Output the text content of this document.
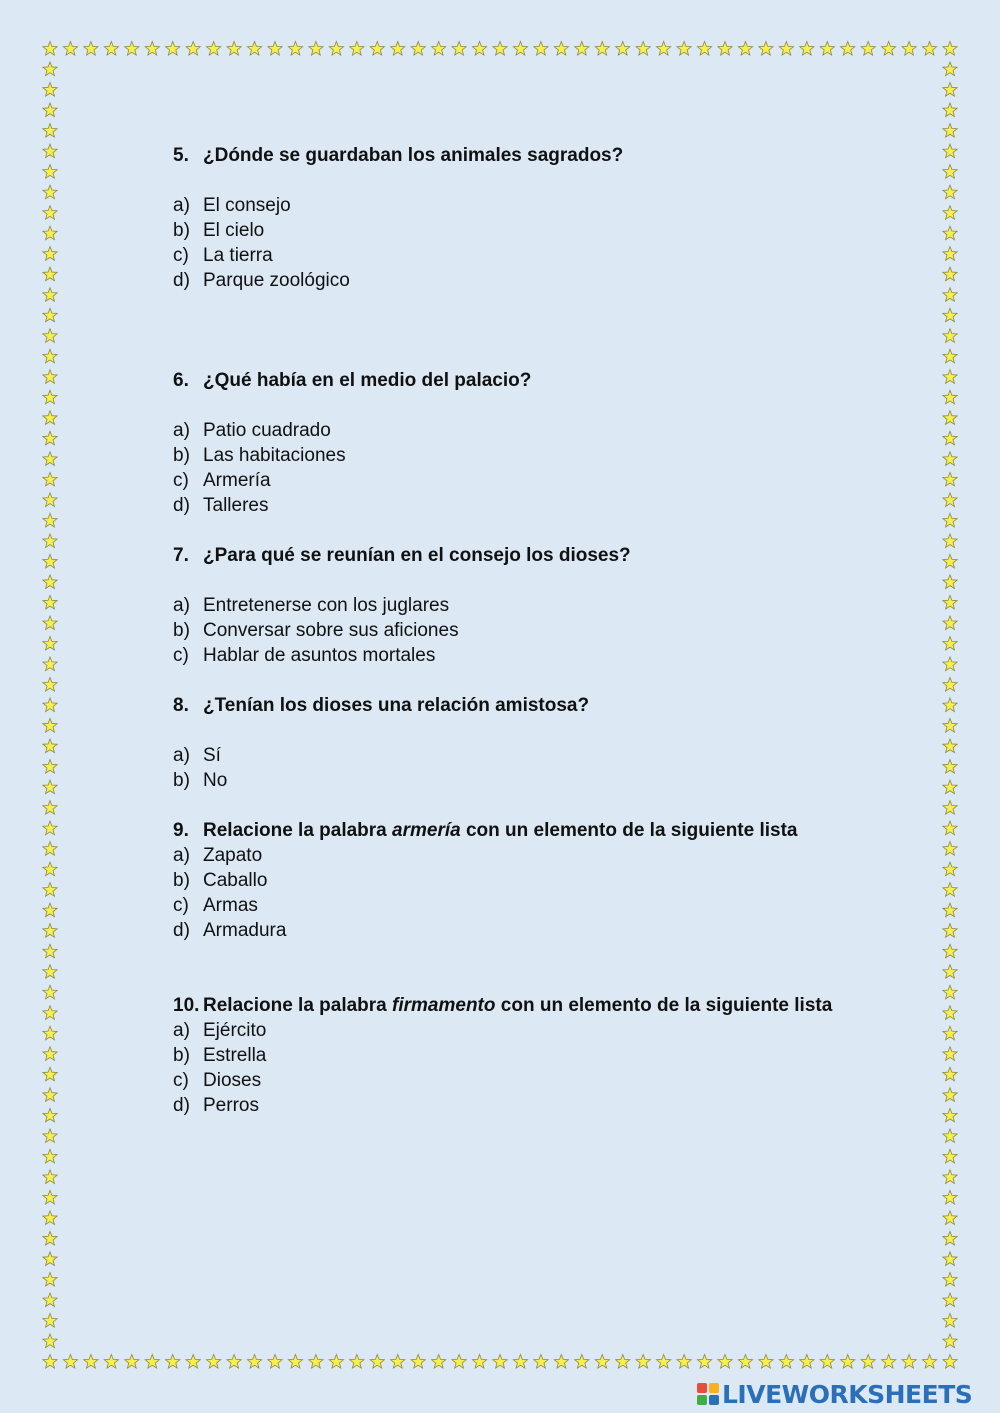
5. ¿Dónde se guardaban los animales sagrados?
a) El consejo
b) El cielo
c) La tierra
d) Parque zoológico
6. ¿Qué había en el medio del palacio?
a) Patio cuadrado
b) Las habitaciones
c) Armería
d) Talleres
7. ¿Para qué se reunían en el consejo los dioses?
a) Entretenerse con los juglares
b) Conversar sobre sus aficiones
c) Hablar de asuntos mortales
8. ¿Tenían los dioses una relación amistosa?
a) Sí
b) No
9. Relacione la palabra armería con un elemento de la siguiente lista
a) Zapato
b) Caballo
c) Armas
d) Armadura
10. Relacione la palabra firmamento con un elemento de la siguiente lista
a) Ejército
b) Estrella
c) Dioses
d) Perros
LIVEWORKSHEETS
